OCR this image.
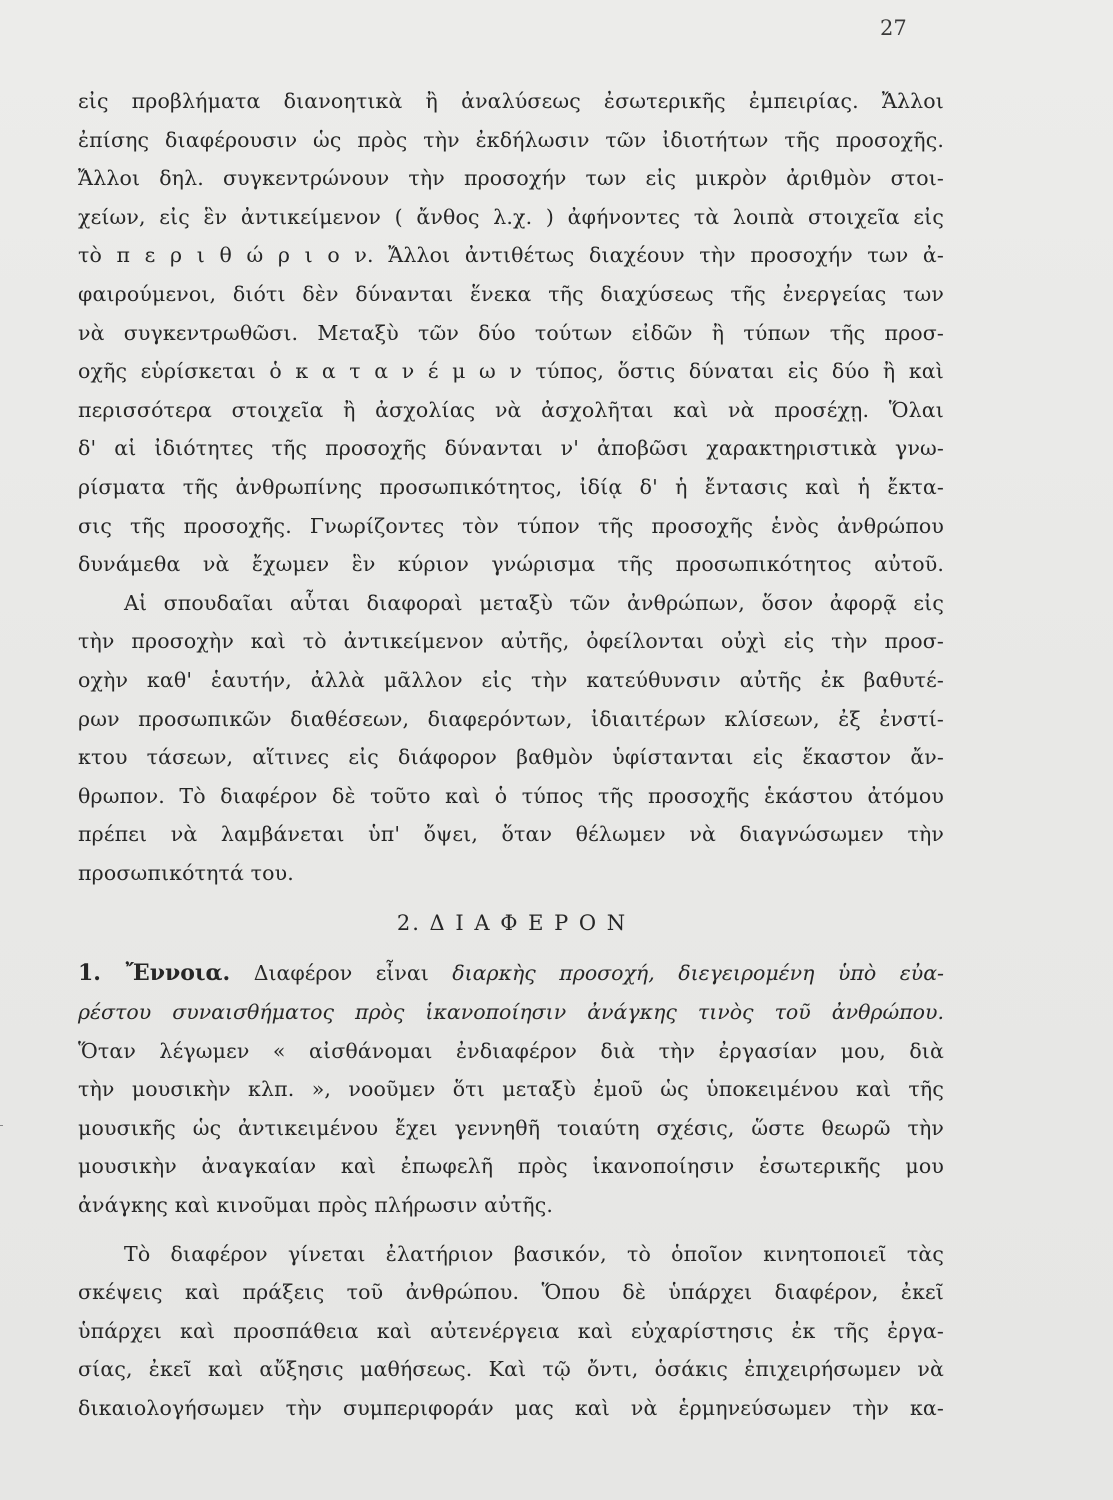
27
εἰς προβλήματα διανοητικὰ ἢ ἀναλύσεως ἐσωτερικῆς ἐμπειρίας. Ἄλλοι
ἐπίσης διαφέρουσιν ὡς πρὸς τὴν ἐκδήλωσιν τῶν ἰδιοτήτων τῆς προσοχῆς.
Ἄλλοι δηλ. συγκεντρώνουν τὴν προσοχήν των εἰς μικρὸν ἀριθμὸν στοι-
χείων, εἰς ἓν ἀντικείμενον ( ἄνθος λ.χ. ) ἀφήνοντες τὰ λοιπὰ στοιχεῖα εἰς
τὸ π ε ρ ι θ ώ ρ ι ο ν. Ἄλλοι ἀντιθέτως διαχέουν τὴν προσοχήν των ἀ-
φαιρούμενοι, διότι δὲν δύνανται ἕνεκα τῆς διαχύσεως τῆς ἐνεργείας των
νὰ συγκεντρωθῶσι. Μεταξὺ τῶν δύο τούτων εἰδῶν ἢ τύπων τῆς προσ-
οχῆς εὑρίσκεται ὁ κ α τ α ν έ μ ω ν τύπος, ὅστις δύναται εἰς δύο ἢ καὶ
περισσότερα στοιχεῖα ἢ ἀσχολίας νὰ ἀσχολῆται καὶ νὰ προσέχῃ. Ὅλαι
δ' αἱ ἰδιότητες τῆς προσοχῆς δύνανται ν' ἀποβῶσι χαρακτηριστικὰ γνω-
ρίσματα τῆς ἀνθρωπίνης προσωπικότητος, ἰδίᾳ δ' ἡ ἔντασις καὶ ἡ ἔκτα-
σις τῆς προσοχῆς. Γνωρίζοντες τὸν τύπον τῆς προσοχῆς ἑνὸς ἀνθρώπου
δυνάμεθα νὰ ἔχωμεν ἓν κύριον γνώρισμα τῆς προσωπικότητος αὐτοῦ.
Αἱ σπουδαῖαι αὗται διαφοραὶ μεταξὺ τῶν ἀνθρώπων, ὅσον ἀφορᾷ εἰς
τὴν προσοχὴν καὶ τὸ ἀντικείμενον αὐτῆς, ὀφείλονται οὐχὶ εἰς τὴν προσ-
οχὴν καθ' ἑαυτήν, ἀλλὰ μᾶλλον εἰς τὴν κατεύθυνσιν αὐτῆς ἐκ βαθυτέ-
ρων προσωπικῶν διαθέσεων, διαφερόντων, ἰδιαιτέρων κλίσεων, ἐξ ἐνστί-
κτου τάσεων, αἵτινες εἰς διάφορον βαθμὸν ὑφίστανται εἰς ἕκαστον ἄν-
θρωπον. Τὸ διαφέρον δὲ τοῦτο καὶ ὁ τύπος τῆς προσοχῆς ἑκάστου ἀτόμου
πρέπει νὰ λαμβάνεται ὑπ' ὄψει, ὅταν θέλωμεν νὰ διαγνώσωμεν τὴν
προσωπικότητά του.
2. Δ Ι Α Φ Ε Ρ Ο Ν
1. Ἔννοια. Διαφέρον εἶναι διαρκὴς προσοχή, διεγειρομένη ὑπὸ εὐα-
ρέστου συναισθήματος πρὸς ἱκανοποίησιν ἀνάγκης τινὸς τοῦ ἀνθρώπου.
Ὅταν λέγωμεν « αἰσθάνομαι ἐνδιαφέρον διὰ τὴν ἐργασίαν μου, διὰ
τὴν μουσικὴν κλπ. », νοοῦμεν ὅτι μεταξὺ ἐμοῦ ὡς ὑποκειμένου καὶ τῆς
μουσικῆς ὡς ἀντικειμένου ἔχει γεννηθῆ τοιαύτη σχέσις, ὥστε θεωρῶ τὴν
μουσικὴν ἀναγκαίαν καὶ ἐπωφελῆ πρὸς ἱκανοποίησιν ἐσωτερικῆς μου
ἀνάγκης καὶ κινοῦμαι πρὸς πλήρωσιν αὐτῆς.
Τὸ διαφέρον γίνεται ἐλατήριον βασικόν, τὸ ὁποῖον κινητοποιεῖ τὰς
σκέψεις καὶ πράξεις τοῦ ἀνθρώπου. Ὅπου δὲ ὑπάρχει διαφέρον, ἐκεῖ
ὑπάρχει καὶ προσπάθεια καὶ αὐτενέργεια καὶ εὐχαρίστησις ἐκ τῆς ἐργα-
σίας, ἐκεῖ καὶ αὔξησις μαθήσεως. Καὶ τῷ ὄντι, ὁσάκις ἐπιχειρήσωμεν νὰ
δικαιολογήσωμεν τὴν συμπεριφοράν μας καὶ νὰ ἑρμηνεύσωμεν τὴν κα-
